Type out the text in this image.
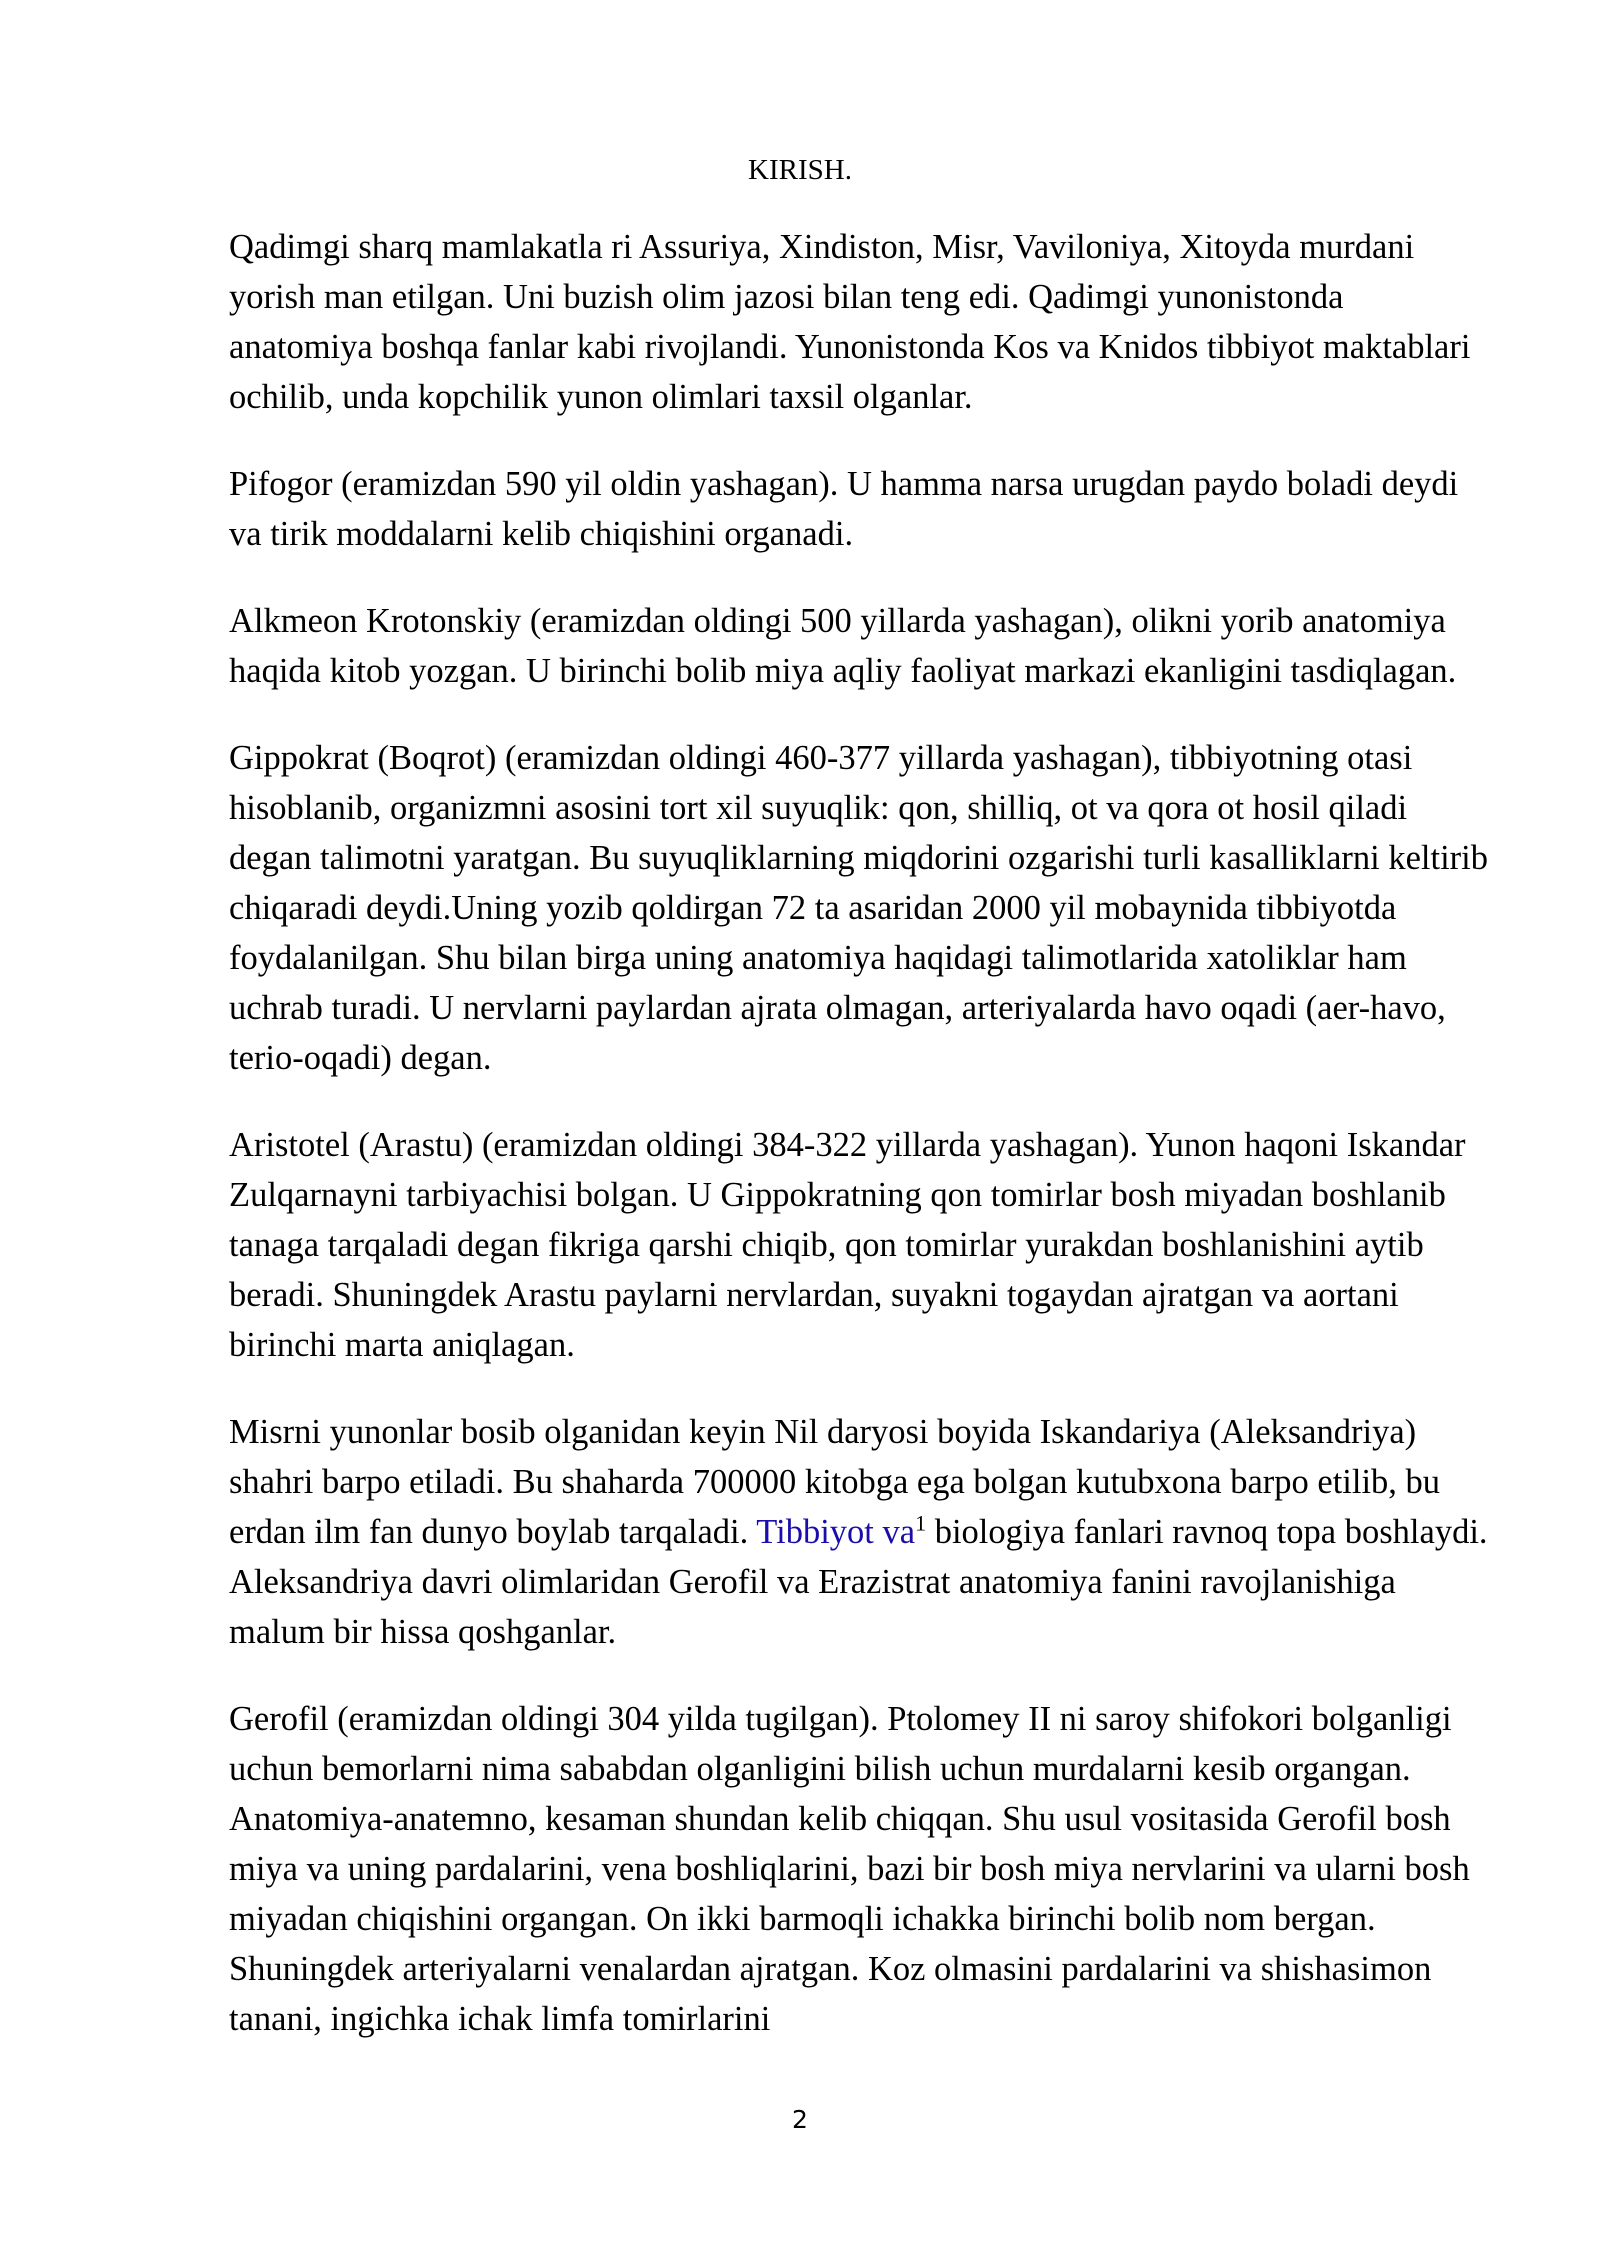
KIRISH.

Qadimgi sharq mamlakatla ri Assuriya, Xindiston, Misr, Vaviloniya, Xitoyda murdani yorish man etilgan. Uni buzish olim jazosi bilan teng edi. Qadimgi yunonistonda anatomiya boshqa fanlar kabi rivojlandi. Yunonistonda Kos va Knidos tibbiyot maktablari ochilib, unda kopchilik yunon olimlari taxsil olganlar.

Pifogor (eramizdan 590 yil oldin yashagan). U hamma narsa urugdan paydo boladi deydi va tirik moddalarni kelib chiqishini organadi.

Alkmeon Krotonskiy (eramizdan oldingi 500 yillarda yashagan), olikni yorib anatomiya haqida kitob yozgan. U birinchi bolib miya aqliy faoliyat markazi ekanligini tasdiqlagan.

Gippokrat (Boqrot) (eramizdan oldingi 460-377 yillarda yashagan), tibbiyotning otasi hisoblanib, organizmni asosini tort xil suyuqlik: qon, shilliq, ot va qora ot hosil qiladi degan talimotni yaratgan. Bu suyuqliklarning miqdorini ozgarishi turli kasalliklarni keltirib chiqaradi deydi.Uning yozib qoldirgan 72 ta asaridan 2000 yil mobaynida tibbiyotda foydalanilgan. Shu bilan birga uning anatomiya haqidagi talimotlarida xatoliklar ham uchrab turadi. U nervlarni paylardan ajrata olmagan, arteriyalarda havo oqadi (aer-havo, terio-oqadi) degan.

Aristotel (Arastu) (eramizdan oldingi 384-322 yillarda yashagan). Yunon haqoni Iskandar Zulqarnayni tarbiyachisi bolgan. U Gippokratning qon tomirlar bosh miyadan boshlanib tanaga tarqaladi degan fikriga qarshi chiqib, qon tomirlar yurakdan boshlanishini aytib beradi. Shuningdek Arastu paylarni nervlardan, suyakni togaydan ajratgan va aortani birinchi marta aniqlagan.

Misrni yunonlar bosib olganidan keyin Nil daryosi boyida Iskandariya (Aleksandriya) shahri barpo etiladi. Bu shaharda 700000 kitobga ega bolgan kutubxona barpo etilib, bu erdan ilm fan dunyo boylab tarqaladi. Tibbiyot $va^1$ biologiya fanlari ravnoq topa boshlaydi. Aleksandriya davri olimlaridan Gerofil va Erazistrat anatomiya fanini ravojlanishiga malum bir hissa qoshganlar.

Gerofil (eramizdan oldingi 304 yilda tugilgan). Ptolomey II ni saroy shifokori bolganligi uchun bemorlarni nima sababdan olganligini bilish uchun murdalarni kesib organgan. Anatomiya-anatemno, kesaman shundan kelib chiqqan. Shu usul vositasida Gerofil bosh miya va uning pardalarini, vena boshliqlarini, bazi bir bosh miya nervlarini va ularni bosh miyadan chiqishini organgan. On ikki barmoqli ichakka birinchi bolib nom bergan. Shuningdek arteriyalarni venalardan ajratgan. Koz olmasini pardalarini va shishasimon tanani, ingichka ichak limfa tomirlarini

2
